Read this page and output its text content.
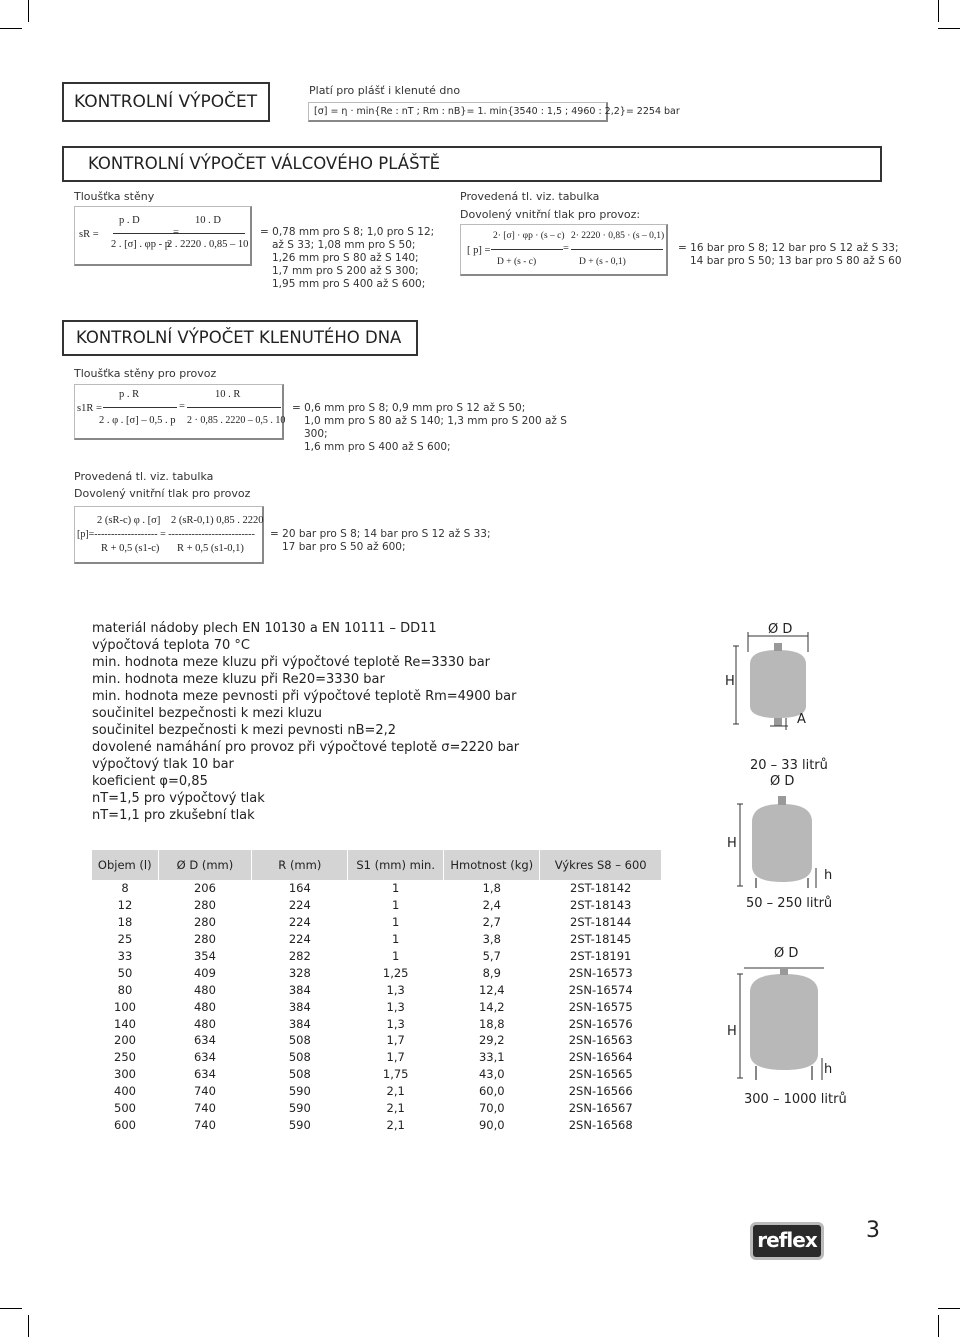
KONTROLNÍ VÝPOČET
Platí pro plášť i klenuté dno
[σ] = η · min{Re : nT ; Rm : nB}= 1. min{3540 : 1,5 ; 4960 : 2,2}= 2254 bar
KONTROLNÍ VÝPOČET VÁLCOVÉHO PLÁŠTĚ
Tloušťka stěny
sR =
p . D
2 . [σ] . φp - p
10 . D
2 . 2220 . 0,85 – 10
= 0,78 mm pro S 8; 1,0 pro S 12;
až S 33; 1,08 mm pro S 50;
1,26 mm pro S 80 až S 140;
1,7 mm pro S 200 až S 300;
1,95 mm pro S 400 až S 600;
Provedená tl. viz. tabulka
Dovolený vnitřní tlak pro provoz:
[ p] =
2· [σ] · φp · (s – c)
D + (s - c)
=
2· 2220 · 0,85 · (s – 0,1)
D + (s - 0,1)
= 16 bar pro S 8; 12 bar pro S 12 až S 33;
14 bar pro S 50; 13 bar pro S 80 až S 60
KONTROLNÍ VÝPOČET KLENUTÉHO DNA
Tloušťka stěny pro provoz
s1R =
p . R
2 . φ . [σ] – 0,5 . p
=
10 . R
2 · 0,85 . 2220 – 0,5 . 10
= 0,6 mm pro S 8; 0,9 mm pro S 12 až S 50;
1,0 mm pro S 80 až S 140; 1,3 mm pro S 200 až S 300;
1,6 mm pro S 400 až S 600;
Provedená tl. viz. tabulka
Dovolený vnitřní tlak pro provoz
2 (sR-c) φ . [σ] 2 (sR-0,1) 0,85 . 2220
[p]=------------------- = --------------------------
R + 0,5 (s1-c) R + 0,5 (s1-0,1)
= 20 bar pro S 8; 14 bar pro S 12 až S 33;
17 bar pro S 50 až 600;
materiál nádoby plech EN 10130 a EN 10111 – DD11
výpočtová teplota 70 °C
min. hodnota meze kluzu při výpočtové teplotě Re=3330 bar
min. hodnota meze kluzu při Re20=3330 bar
min. hodnota meze pevnosti při výpočtové teplotě Rm=4900 bar
součinitel bezpečnosti k mezi kluzu
součinitel bezpečnosti k mezi pevnosti nB=2,2
dovolené namáhání pro provoz při výpočtové teplotě σ=2220 bar
výpočtový tlak 10 bar
koeficient φ=0,85
nT=1,5 pro výpočtový tlak
nT=1,1 pro zkušební tlak
Objem (l)	Ø D (mm)	R (mm)	S1 (mm) min.	Hmotnost (kg)	Výkres S8 – 600
8	206	164	1	1,8	2ST-18142
12	280	224	1	2,4	2ST-18143
18	280	224	1	2,7	2ST-18144
25	280	224	1	3,8	2ST-18145
33	354	282	1	5,7	2ST-18191
50	409	328	1,25	8,9	2SN-16573
80	480	384	1,3	12,4	2SN-16574
100	480	384	1,3	14,2	2SN-16575
140	480	384	1,3	18,8	2SN-16576
200	634	508	1,7	29,2	2SN-16563
250	634	508	1,7	33,1	2SN-16564
300	634	508	1,75	43,0	2SN-16565
400	740	590	2,1	60,0	2SN-16566
500	740	590	2,1	70,0	2SN-16567
600	740	590	2,1	90,0	2SN-16568
Ø D
H
A
20 – 33 litrů
Ø D
H
h
50 – 250 litrů
Ø D
H
h
300 – 1000 litrů
reflex 3
